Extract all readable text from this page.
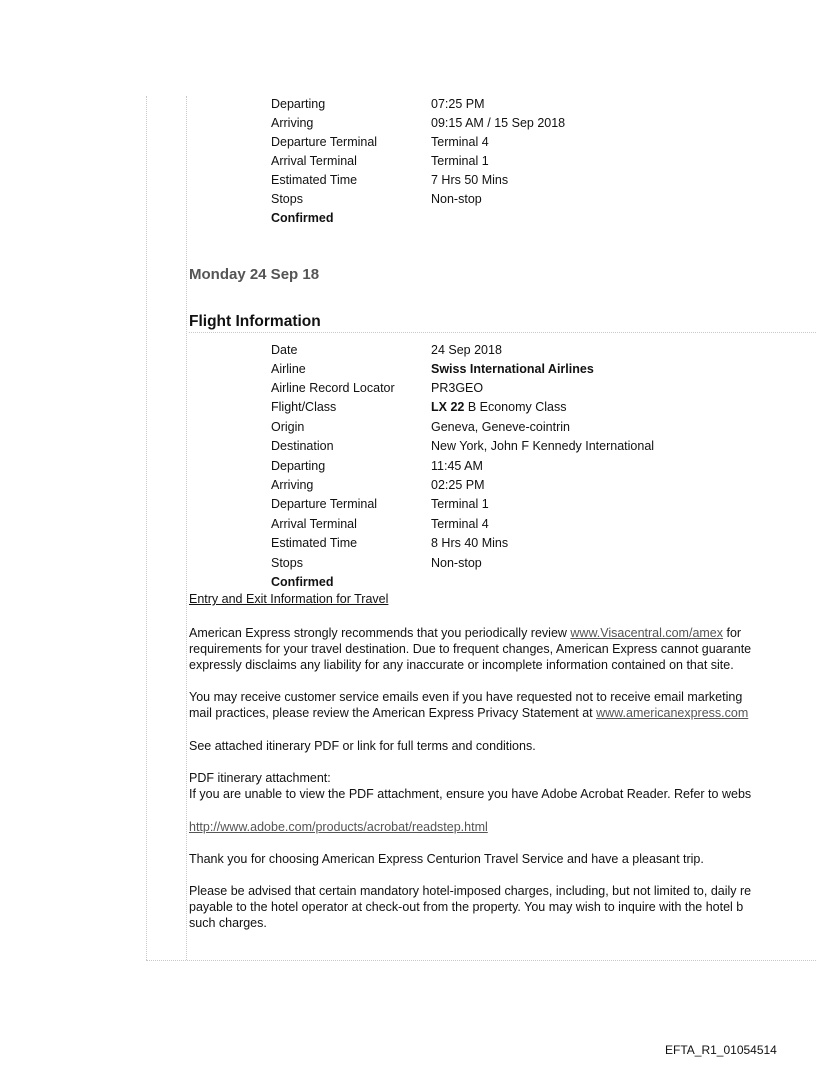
Departing	07:25 PM
Arriving	09:15 AM / 15 Sep 2018
Departure Terminal	Terminal 4
Arrival Terminal	Terminal 1
Estimated Time	7 Hrs 50 Mins
Stops	Non-stop
Confirmed
Monday 24 Sep 18
Flight Information
Date	24 Sep 2018
Airline	Swiss International Airlines
Airline Record Locator	PR3GEO
Flight/Class	LX 22 B Economy Class
Origin	Geneva, Geneve-cointrin
Destination	New York, John F Kennedy International
Departing	11:45 AM
Arriving	02:25 PM
Departure Terminal	Terminal 1
Arrival Terminal	Terminal 4
Estimated Time	8 Hrs 40 Mins
Stops	Non-stop
Confirmed
Entry and Exit Information for Travel
American Express strongly recommends that you periodically review www.Visacentral.com/amex for
requirements for your travel destination. Due to frequent changes, American Express cannot guarante
expressly disclaims any liability for any inaccurate or incomplete information contained on that site.
You may receive customer service emails even if you have requested not to receive email marketing
mail practices, please review the American Express Privacy Statement at www.americanexpress.com
See attached itinerary PDF or link for full terms and conditions.
PDF itinerary attachment:
If you are unable to view the PDF attachment, ensure you have Adobe Acrobat Reader. Refer to webs
http://www.adobe.com/products/acrobat/readstep.html
Thank you for choosing American Express Centurion Travel Service and have a pleasant trip.
Please be advised that certain mandatory hotel-imposed charges, including, but not limited to, daily re
payable to the hotel operator at check-out from the property. You may wish to inquire with the hotel b
such charges.
EFTA_R1_01054514
